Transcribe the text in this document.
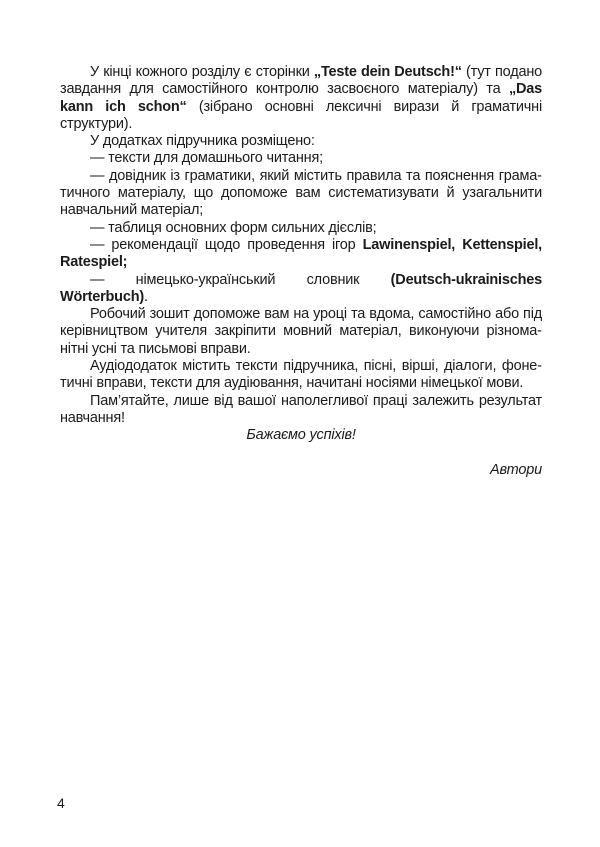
У кінці кожного розділу є сторінки „Teste dein Deutsch!“ (тут подано завдання для самостійного контролю засвоєного матеріалу) та „Das kann ich schon“ (зібрано основні лексичні вирази й граматичні структури).

У додатках підручника розміщено:

— тексти для домашнього читання;

— довідник із граматики, який містить правила та пояснення граматичного матеріалу, що допоможе вам систематизувати й узагальнити навчальний матеріал;

— таблиця основних форм сильних дієслів;

— рекомендації щодо проведення ігор Lawinenspiel, Kettenspiel, Ratespiel;

— німецько-український словник (Deutsch-ukrainisches Wörterbuch).

Робочий зошит допоможе вам на уроці та вдома, самостійно або під керівництвом учителя закріпити мовний матеріал, виконуючи різноманітні усні та письмові вправи.

Аудіододаток містить тексти підручника, пісні, вірші, діалоги, фонетичні вправи, тексти для аудіювання, начитані носіями німецької мови.

Пам’ятайте, лише від вашої наполегливої праці залежить результат навчання!

Бажаємо успіхів!

Автори

4
